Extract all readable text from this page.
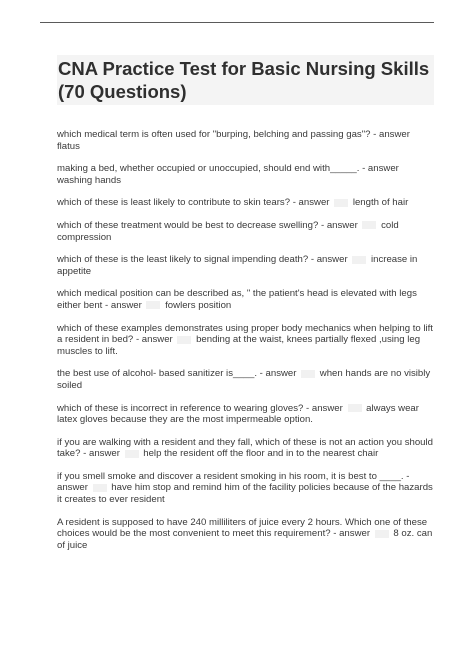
CNA Practice Test for Basic Nursing Skills (70 Questions)

which medical term is often used for "burping, belching and passing gas"? - answer
flatus

making a bed, whether occupied or unoccupied, should end with_____. - answer
washing hands

which of these is least likely to contribute to skin tears? - answer length of hair

which of these treatment would be best to decrease swelling? - answer cold compression

which of these is the least likely to signal impending death? - answer increase in appetite

which medical position can be described as, " the patient's head is elevated with legs either bent - answer fowlers position

which of these examples demonstrates using proper body mechanics when helping to lift a resident in bed? - answer bending at the waist, knees partially flexed ,using leg muscles to lift.

the best use of alcohol- based sanitizer is____. - answer when hands are no visibly soiled

which of these is incorrect in reference to wearing gloves? - answer always wear latex gloves because they are the most impermeable option.

if you are walking with a resident and they fall, which of these is not an action you should take? - answer help the resident off the floor and in to the nearest chair

if you smell smoke and discover a resident smoking in his room, it is best to ____. - answer have him stop and remind him of the facility policies because of the hazards it creates to ever resident

A resident is supposed to have 240 milliliters of juice every 2 hours. Which one of these choices would be the most convenient to meet this requirement? - answer 8 oz. can of juice
